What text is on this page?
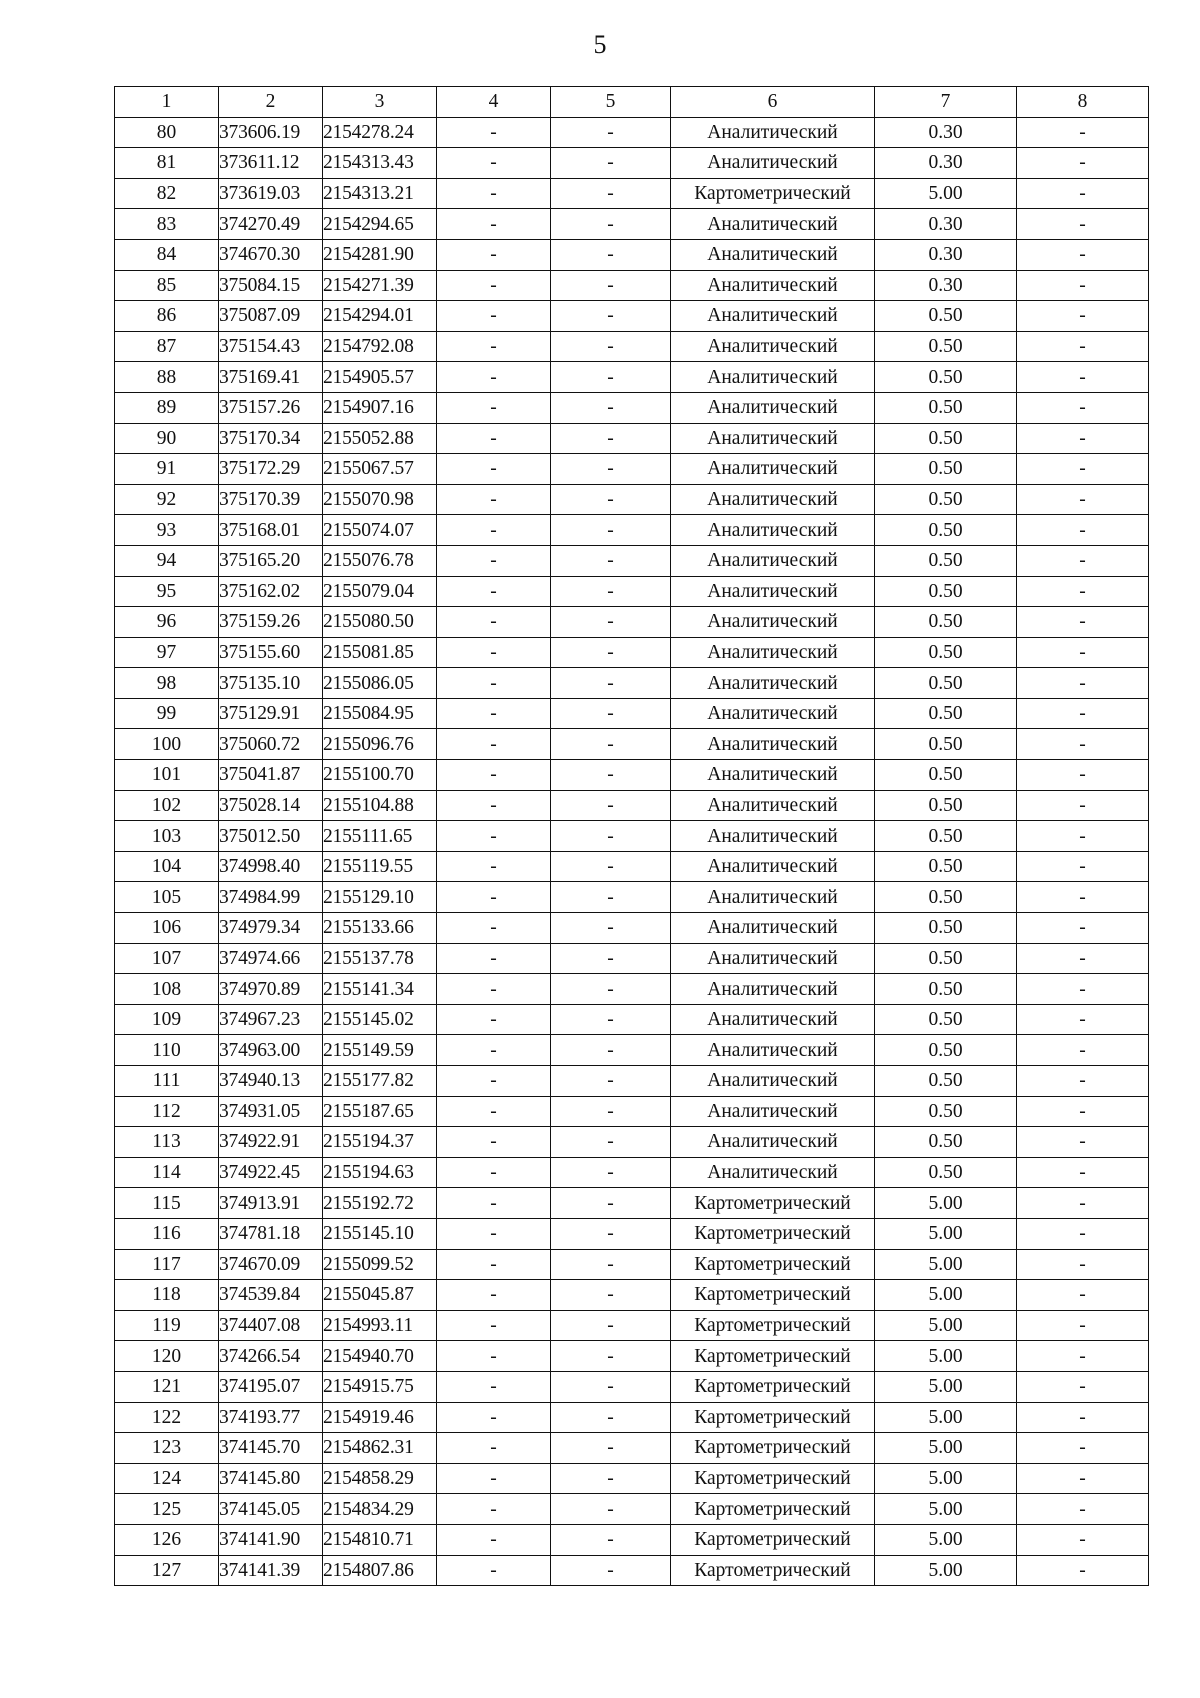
5
1	2	3	4	5	6	7	8
80	373606.19	2154278.24	-	-	Аналитический	0.30	-
81	373611.12	2154313.43	-	-	Аналитический	0.30	-
82	373619.03	2154313.21	-	-	Картометрический	5.00	-
83	374270.49	2154294.65	-	-	Аналитический	0.30	-
84	374670.30	2154281.90	-	-	Аналитический	0.30	-
85	375084.15	2154271.39	-	-	Аналитический	0.30	-
86	375087.09	2154294.01	-	-	Аналитический	0.50	-
87	375154.43	2154792.08	-	-	Аналитический	0.50	-
88	375169.41	2154905.57	-	-	Аналитический	0.50	-
89	375157.26	2154907.16	-	-	Аналитический	0.50	-
90	375170.34	2155052.88	-	-	Аналитический	0.50	-
91	375172.29	2155067.57	-	-	Аналитический	0.50	-
92	375170.39	2155070.98	-	-	Аналитический	0.50	-
93	375168.01	2155074.07	-	-	Аналитический	0.50	-
94	375165.20	2155076.78	-	-	Аналитический	0.50	-
95	375162.02	2155079.04	-	-	Аналитический	0.50	-
96	375159.26	2155080.50	-	-	Аналитический	0.50	-
97	375155.60	2155081.85	-	-	Аналитический	0.50	-
98	375135.10	2155086.05	-	-	Аналитический	0.50	-
99	375129.91	2155084.95	-	-	Аналитический	0.50	-
100	375060.72	2155096.76	-	-	Аналитический	0.50	-
101	375041.87	2155100.70	-	-	Аналитический	0.50	-
102	375028.14	2155104.88	-	-	Аналитический	0.50	-
103	375012.50	2155111.65	-	-	Аналитический	0.50	-
104	374998.40	2155119.55	-	-	Аналитический	0.50	-
105	374984.99	2155129.10	-	-	Аналитический	0.50	-
106	374979.34	2155133.66	-	-	Аналитический	0.50	-
107	374974.66	2155137.78	-	-	Аналитический	0.50	-
108	374970.89	2155141.34	-	-	Аналитический	0.50	-
109	374967.23	2155145.02	-	-	Аналитический	0.50	-
110	374963.00	2155149.59	-	-	Аналитический	0.50	-
111	374940.13	2155177.82	-	-	Аналитический	0.50	-
112	374931.05	2155187.65	-	-	Аналитический	0.50	-
113	374922.91	2155194.37	-	-	Аналитический	0.50	-
114	374922.45	2155194.63	-	-	Аналитический	0.50	-
115	374913.91	2155192.72	-	-	Картометрический	5.00	-
116	374781.18	2155145.10	-	-	Картометрический	5.00	-
117	374670.09	2155099.52	-	-	Картометрический	5.00	-
118	374539.84	2155045.87	-	-	Картометрический	5.00	-
119	374407.08	2154993.11	-	-	Картометрический	5.00	-
120	374266.54	2154940.70	-	-	Картометрический	5.00	-
121	374195.07	2154915.75	-	-	Картометрический	5.00	-
122	374193.77	2154919.46	-	-	Картометрический	5.00	-
123	374145.70	2154862.31	-	-	Картометрический	5.00	-
124	374145.80	2154858.29	-	-	Картометрический	5.00	-
125	374145.05	2154834.29	-	-	Картометрический	5.00	-
126	374141.90	2154810.71	-	-	Картометрический	5.00	-
127	374141.39	2154807.86	-	-	Картометрический	5.00	-
